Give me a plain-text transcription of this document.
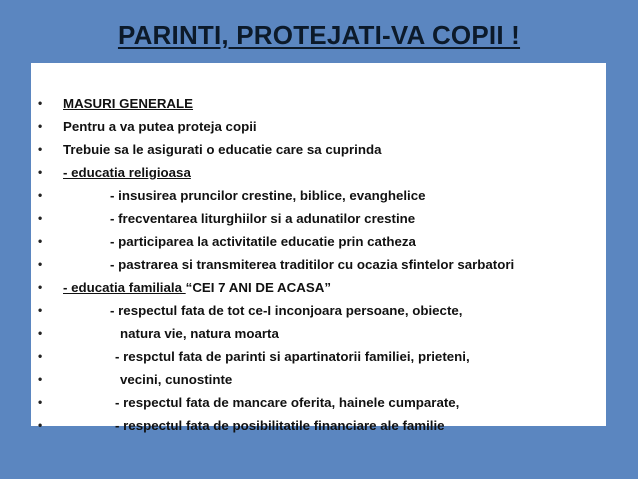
PARINTI, PROTEJATI-VA COPII !
• MASURI GENERALE
• Pentru a va putea proteja copii
• Trebuie sa le asigurati o educatie care sa cuprinda
• - educatia religioasa
•	- insusirea pruncilor crestine, biblice, evanghelice
•	- frecventarea liturghiilor si a adunatilor crestine
•	- participarea la activitatile educatie prin catheza
•	- pastrarea si transmiterea traditilor cu ocazia sfintelor sarbatori
• - educatia familiala “CEI 7 ANI DE ACASA”
•	- respectul fata de tot ce-I inconjoara persoane, obiecte,
•	natura vie, natura moarta
•	- respctul fata de parinti si apartinatorii familiei, prieteni,
•	vecini, cunostinte
•	- respectul fata de mancare oferita, hainele cumparate,
•	- respectul fata de posibilitatile financiare ale familie
